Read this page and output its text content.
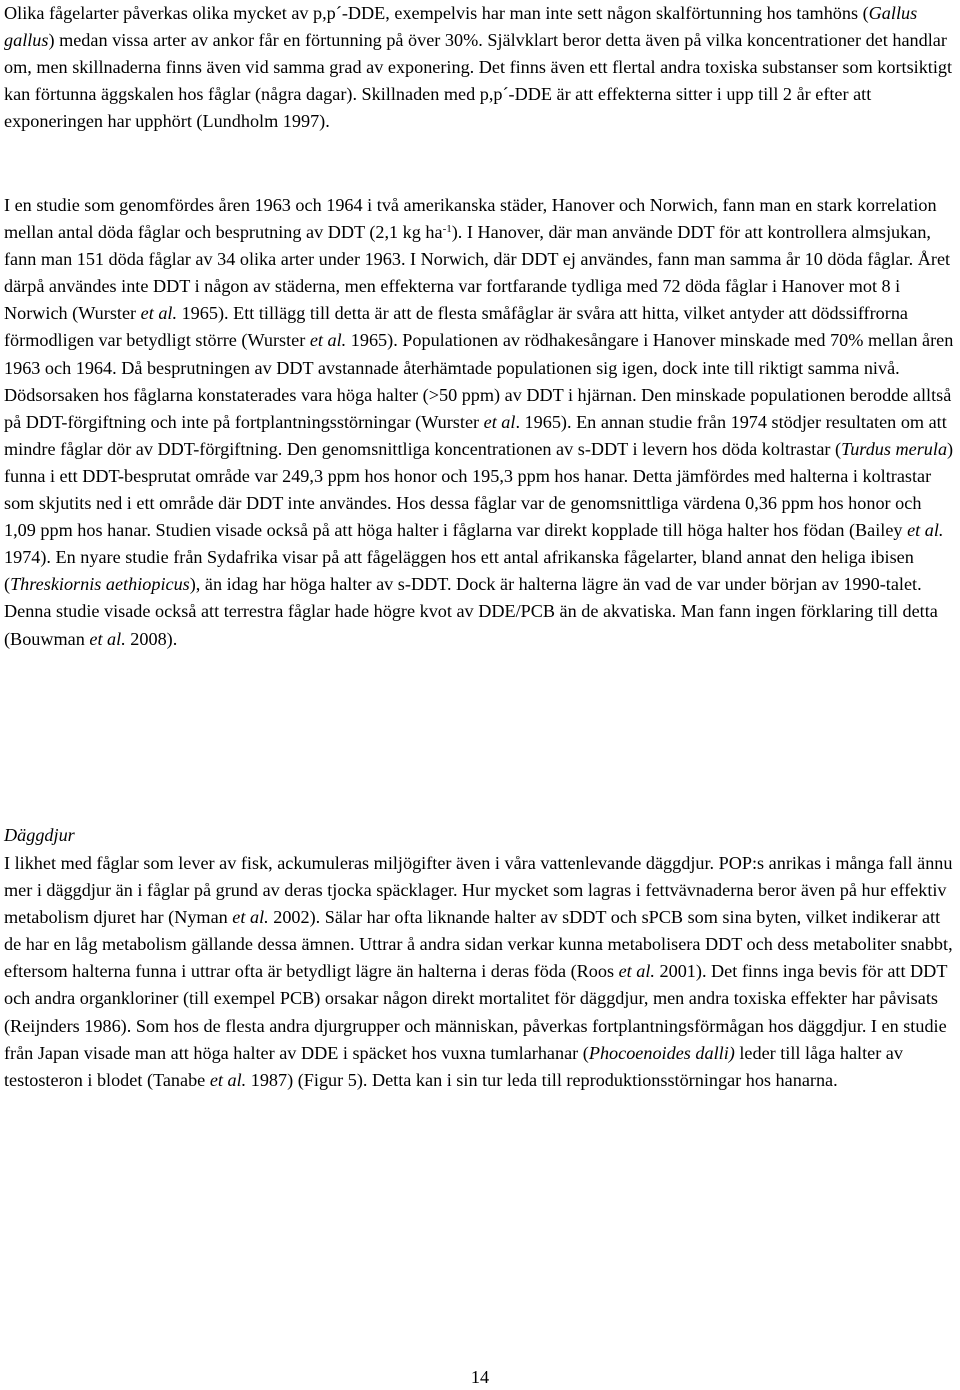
Olika fågelarter påverkas olika mycket av p,p´-DDE, exempelvis har man inte sett någon skalförtunning hos tamhöns (Gallus gallus) medan vissa arter av ankor får en förtunning på över 30%. Självklart beror detta även på vilka koncentrationer det handlar om, men skillnaderna finns även vid samma grad av exponering. Det finns även ett flertal andra toxiska substanser som kortsiktigt kan förtunna äggskalen hos fåglar (några dagar). Skillnaden med p,p´-DDE är att effekterna sitter i upp till 2 år efter att exponeringen har upphört (Lundholm 1997).

I en studie som genomfördes åren 1963 och 1964 i två amerikanska städer, Hanover och Norwich, fann man en stark korrelation mellan antal döda fåglar och besprutning av DDT (2,1 kg $ha^{-1}$). I Hanover, där man använde DDT för att kontrollera almsjukan, fann man 151 döda fåglar av 34 olika arter under 1963. I Norwich, där DDT ej användes, fann man samma år 10 döda fåglar. Året därpå användes inte DDT i någon av städerna, men effekterna var fortfarande tydliga med 72 döda fåglar i Hanover mot 8 i Norwich (Wurster et al. 1965). Ett tillägg till detta är att de flesta småfåglar är svåra att hitta, vilket antyder att dödssiffrorna förmodligen var betydligt större (Wurster et al. 1965). Populationen av rödhakesångare i Hanover minskade med 70% mellan åren 1963 och 1964. Då besprutningen av DDT avstannade återhämtade populationen sig igen, dock inte till riktigt samma nivå. Dödsorsaken hos fåglarna konstaterades vara höga halter (>50 ppm) av DDT i hjärnan. Den minskade populationen berodde alltså på DDT-förgiftning och inte på fortplantningsstörningar (Wurster et al. 1965). En annan studie från 1974 stödjer resultaten om att mindre fåglar dör av DDT-förgiftning. Den genomsnittliga koncentrationen av s-DDT i levern hos döda koltrastar (Turdus merula) funna i ett DDT-besprutat område var 249,3 ppm hos honor och 195,3 ppm hos hanar. Detta jämfördes med halterna i koltrastar som skjutits ned i ett område där DDT inte användes. Hos dessa fåglar var de genomsnittliga värdena 0,36 ppm hos honor och 1,09 ppm hos hanar. Studien visade också på att höga halter i fåglarna var direkt kopplade till höga halter hos födan (Bailey et al. 1974). En nyare studie från Sydafrika visar på att fågeläggen hos ett antal afrikanska fågelarter, bland annat den heliga ibisen (Threskiornis aethiopicus), än idag har höga halter av s-DDT. Dock är halterna lägre än vad de var under början av 1990-talet. Denna studie visade också att terrestra fåglar hade högre kvot av DDE/PCB än de akvatiska. Man fann ingen förklaring till detta (Bouwman et al. 2008).

Däggdjur

I likhet med fåglar som lever av fisk, ackumuleras miljögifter även i våra vattenlevande däggdjur. POP:s anrikas i många fall ännu mer i däggdjur än i fåglar på grund av deras tjocka späcklager. Hur mycket som lagras i fettvävnaderna beror även på hur effektiv metabolism djuret har (Nyman et al. 2002). Sälar har ofta liknande halter av sDDT och sPCB som sina byten, vilket indikerar att de har en låg metabolism gällande dessa ämnen. Uttrar å andra sidan verkar kunna metabolisera DDT och dess metaboliter snabbt, eftersom halterna funna i uttrar ofta är betydligt lägre än halterna i deras föda (Roos et al. 2001). Det finns inga bevis för att DDT och andra organkloriner (till exempel PCB) orsakar någon direkt mortalitet för däggdjur, men andra toxiska effekter har påvisats (Reijnders 1986). Som hos de flesta andra djurgrupper och människan, påverkas fortplantningsförmågan hos däggdjur. I en studie från Japan visade man att höga halter av DDE i späcket hos vuxna tumlarhanar (Phocoenoides dalli) leder till låga halter av testosteron i blodet (Tanabe et al. 1987) (Figur 5). Detta kan i sin tur leda till reproduktionsstörningar hos hanarna.

14
